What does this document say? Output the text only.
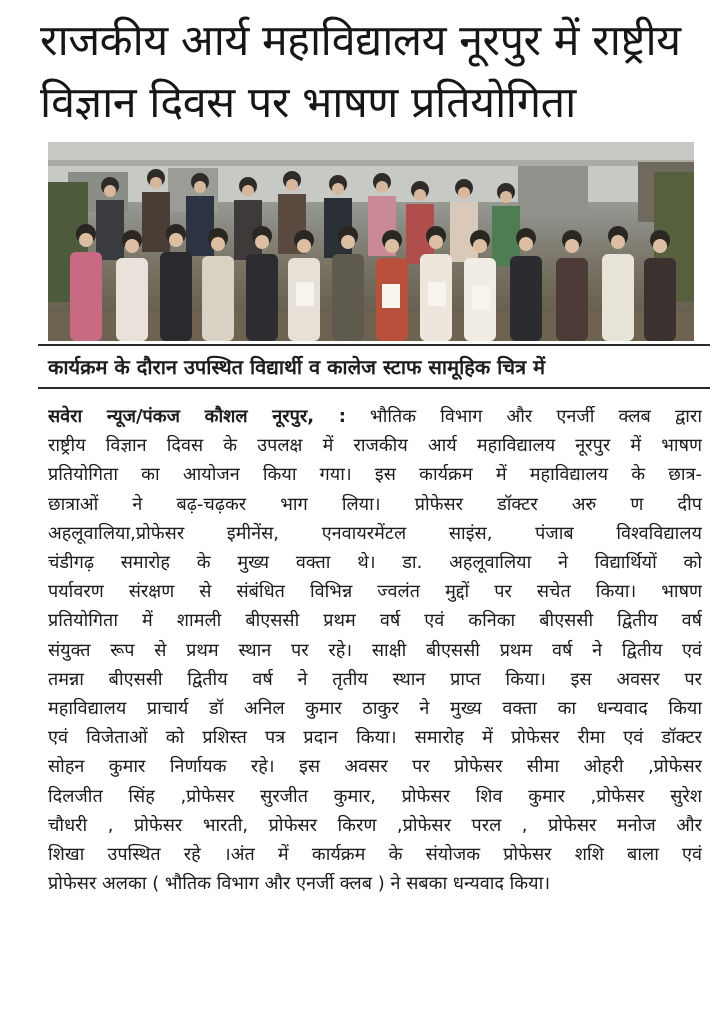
राजकीय आर्य महाविद्यालय नूरपुर में राष्ट्रीय
विज्ञान दिवस पर भाषण प्रतियोगिता
कार्यक्रम के दौरान उपस्थित विद्यार्थी व कालेज स्टाफ सामूहिक चित्र में
सवेरा न्यूज/पंकज कौशल नूरपुर, : भौतिक विभाग और एनर्जी क्लब द्वारा
राष्ट्रीय विज्ञान दिवस के उपलक्ष में राजकीय आर्य महाविद्यालय नूरपुर में भाषण
प्रतियोगिता का आयोजन किया गया। इस कार्यक्रम में महाविद्यालय के छात्र-
छात्राओं ने बढ़-चढ़कर भाग लिया। प्रोफेसर डॉक्टर अरु ण दीप
अहलूवालिया,प्रोफेसर इमीनेंस, एनवायरमेंटल साइंस, पंजाब विश्वविद्यालय
चंडीगढ़ समारोह के मुख्य वक्ता थे। डा. अहलूवालिया ने विद्यार्थियों को
पर्यावरण संरक्षण से संबंधित विभिन्न ज्वलंत मुद्दों पर सचेत किया। भाषण
प्रतियोगिता में शामली बीएससी प्रथम वर्ष एवं कनिका बीएससी द्वितीय वर्ष
संयुक्त रूप से प्रथम स्थान पर रहे। साक्षी बीएससी प्रथम वर्ष ने द्वितीय एवं
तमन्ना बीएससी द्वितीय वर्ष ने तृतीय स्थान प्राप्त किया। इस अवसर पर
महाविद्यालय प्राचार्य डॉ अनिल कुमार ठाकुर ने मुख्य वक्ता का धन्यवाद किया
एवं विजेताओं को प्रशिस्त पत्र प्रदान किया। समारोह में प्रोफेसर रीमा एवं डॉक्टर
सोहन कुमार निर्णायक रहे। इस अवसर पर प्रोफेसर सीमा ओहरी ,प्रोफेसर
दिलजीत सिंह ,प्रोफेसर सुरजीत कुमार, प्रोफेसर शिव कुमार ,प्रोफेसर सुरेश
चौधरी , प्रोफेसर भारती, प्रोफेसर किरण ,प्रोफेसर परल , प्रोफेसर मनोज और
शिखा उपस्थित रहे ।अंत में कार्यक्रम के संयोजक प्रोफेसर शशि बाला एवं
प्रोफेसर अलका ( भौतिक विभाग और एनर्जी क्लब ) ने सबका धन्यवाद किया।
